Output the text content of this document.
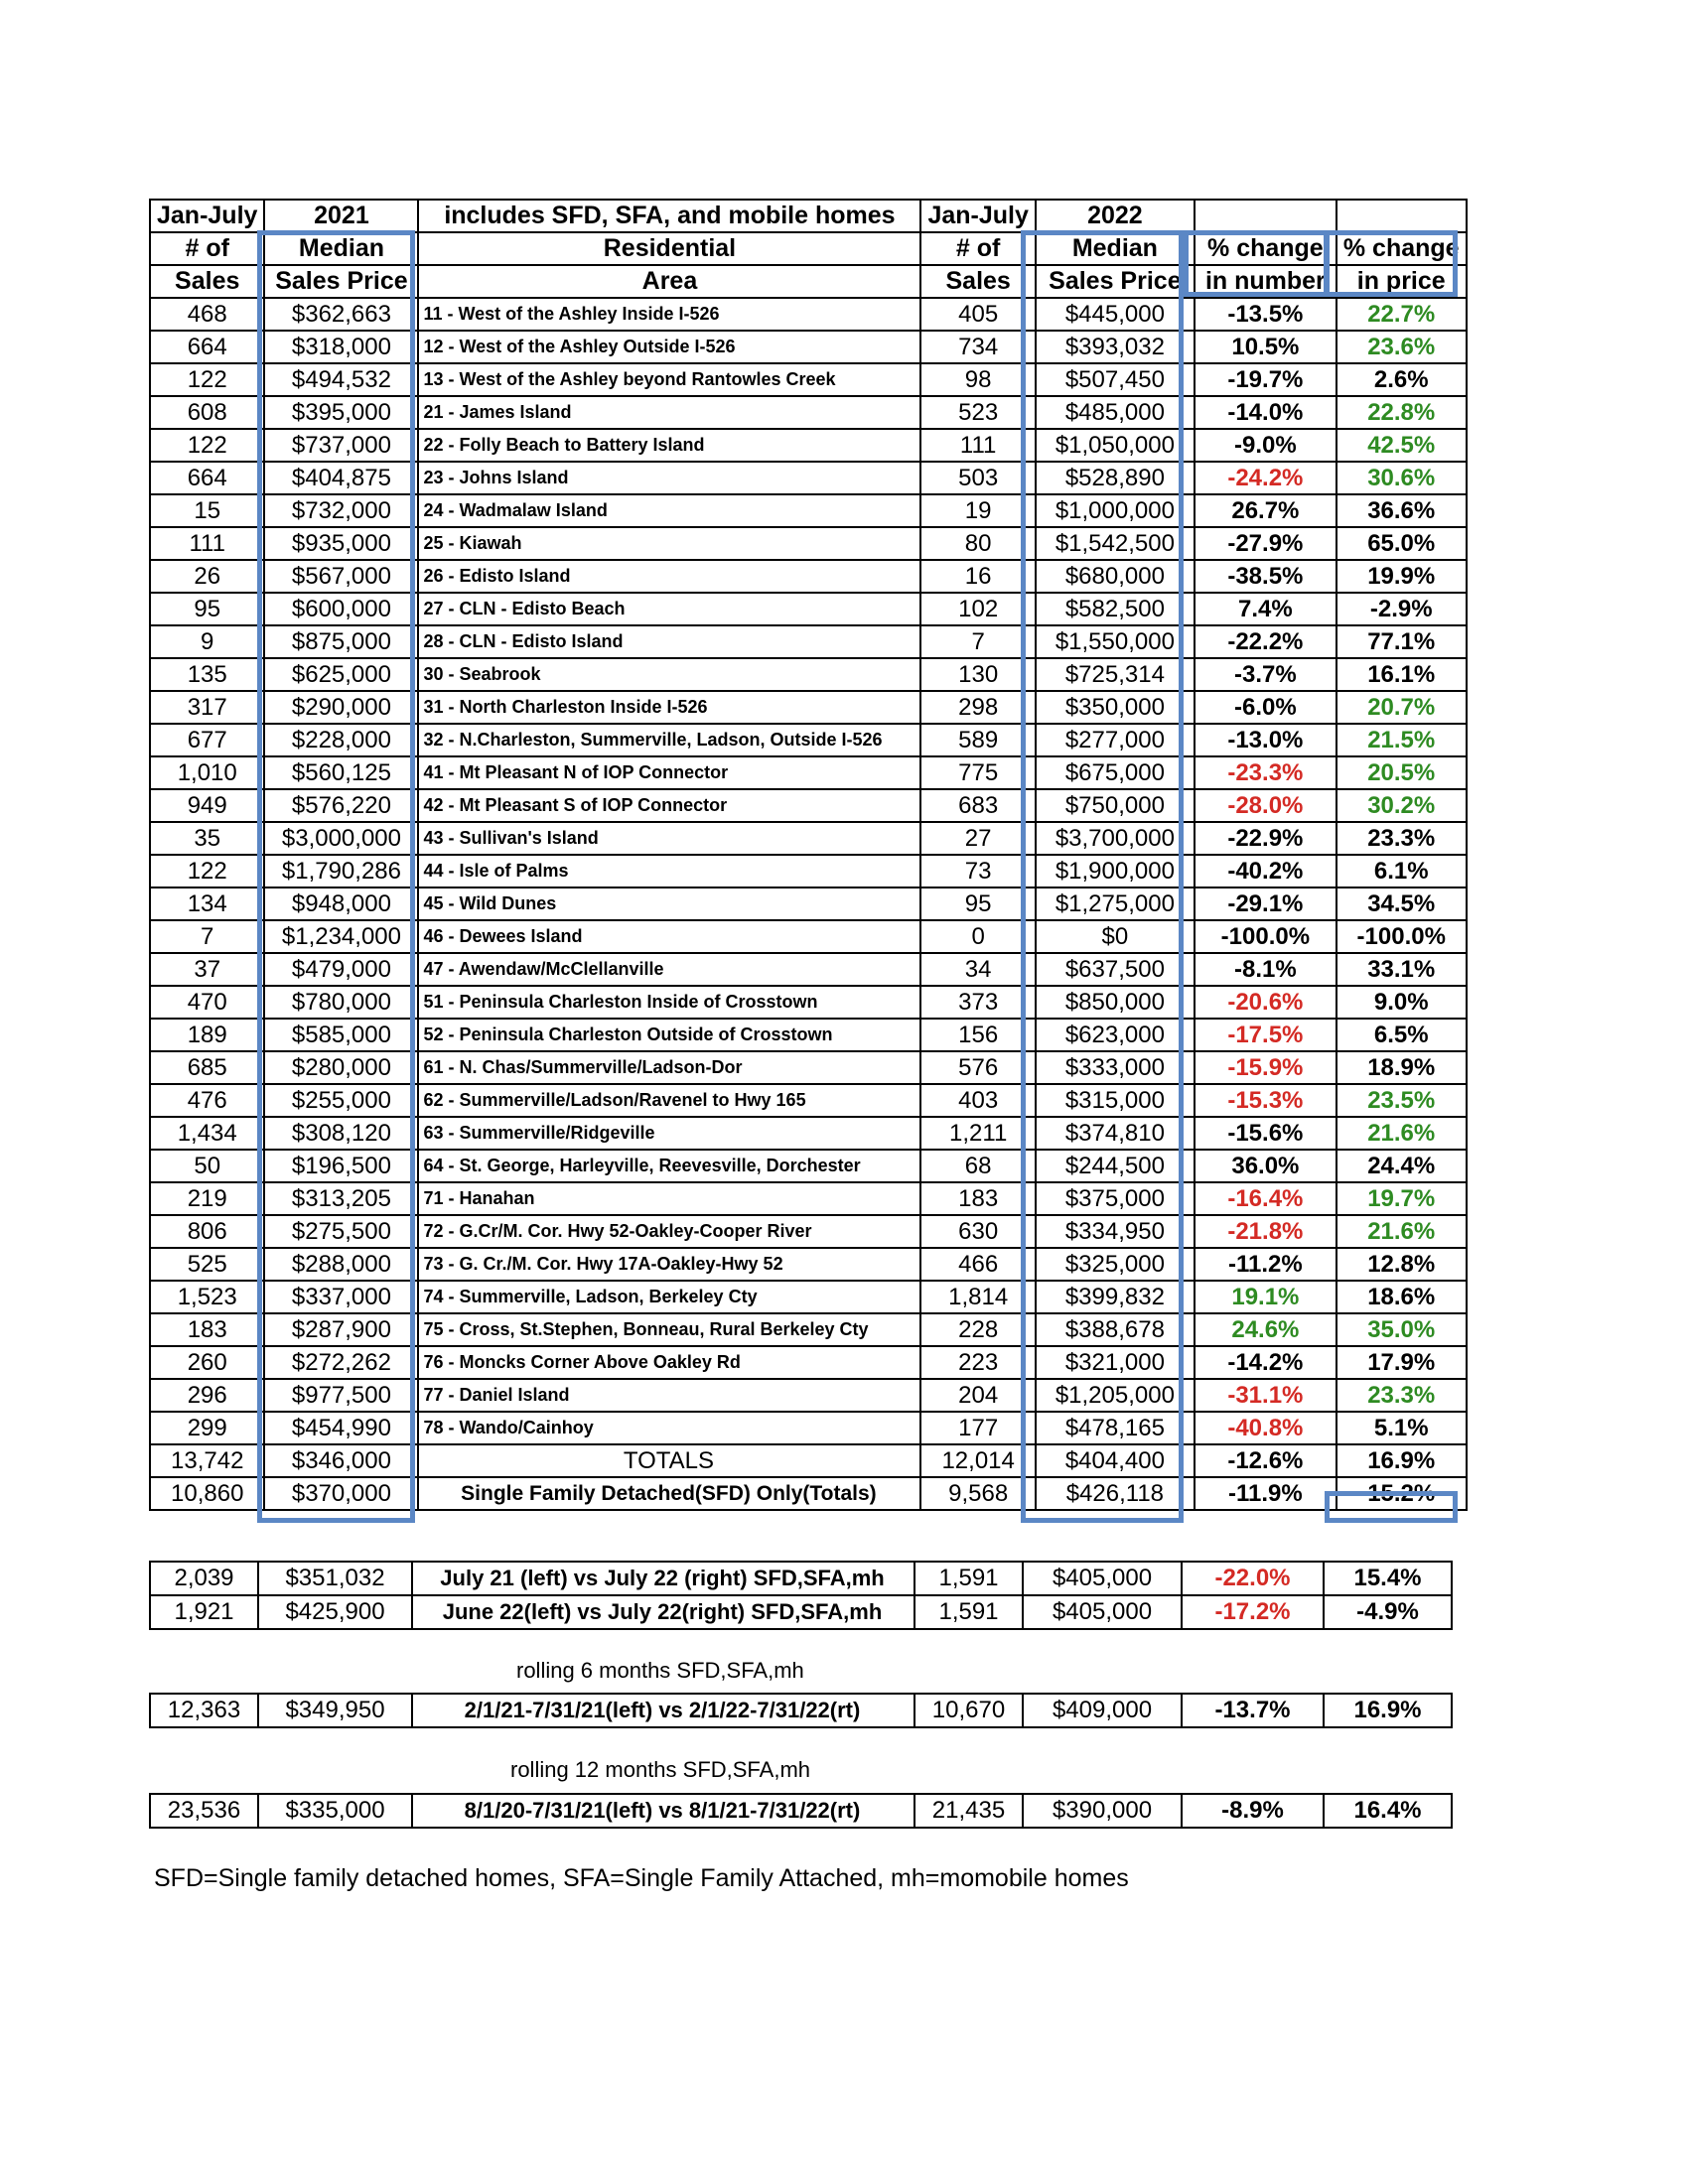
Jan-July	2021	includes SFD, SFA, and mobile homes	Jan-July	2022		
# of	Median	Residential	# of	Median	% change	% change
Sales	Sales Price	Area	Sales	Sales Price	in number	in price
468	$362,663	11 - West of the Ashley Inside I-526	405	$445,000	-13.5%	22.7%
664	$318,000	12 - West of the Ashley Outside I-526	734	$393,032	10.5%	23.6%
122	$494,532	13 - West of the Ashley beyond Rantowles Creek	98	$507,450	-19.7%	2.6%
608	$395,000	21 - James Island	523	$485,000	-14.0%	22.8%
122	$737,000	22 - Folly Beach to Battery Island	111	$1,050,000	-9.0%	42.5%
664	$404,875	23 - Johns Island	503	$528,890	-24.2%	30.6%
15	$732,000	24 - Wadmalaw Island	19	$1,000,000	26.7%	36.6%
111	$935,000	25 - Kiawah	80	$1,542,500	-27.9%	65.0%
26	$567,000	26 - Edisto Island	16	$680,000	-38.5%	19.9%
95	$600,000	27 - CLN - Edisto Beach	102	$582,500	7.4%	-2.9%
9	$875,000	28 - CLN - Edisto Island	7	$1,550,000	-22.2%	77.1%
135	$625,000	30 - Seabrook	130	$725,314	-3.7%	16.1%
317	$290,000	31 - North Charleston Inside I-526	298	$350,000	-6.0%	20.7%
677	$228,000	32 - N.Charleston, Summerville, Ladson, Outside I-526	589	$277,000	-13.0%	21.5%
1,010	$560,125	41 - Mt Pleasant N of IOP Connector	775	$675,000	-23.3%	20.5%
949	$576,220	42 - Mt Pleasant S of IOP Connector	683	$750,000	-28.0%	30.2%
35	$3,000,000	43 - Sullivan's Island	27	$3,700,000	-22.9%	23.3%
122	$1,790,286	44 - Isle of Palms	73	$1,900,000	-40.2%	6.1%
134	$948,000	45 - Wild Dunes	95	$1,275,000	-29.1%	34.5%
7	$1,234,000	46 - Dewees Island	0	$0	-100.0%	-100.0%
37	$479,000	47 - Awendaw/McClellanville	34	$637,500	-8.1%	33.1%
470	$780,000	51 - Peninsula Charleston Inside of Crosstown	373	$850,000	-20.6%	9.0%
189	$585,000	52 - Peninsula Charleston Outside of Crosstown	156	$623,000	-17.5%	6.5%
685	$280,000	61 - N. Chas/Summerville/Ladson-Dor	576	$333,000	-15.9%	18.9%
476	$255,000	62 - Summerville/Ladson/Ravenel to Hwy 165	403	$315,000	-15.3%	23.5%
1,434	$308,120	63 - Summerville/Ridgeville	1,211	$374,810	-15.6%	21.6%
50	$196,500	64 - St. George, Harleyville, Reevesville, Dorchester	68	$244,500	36.0%	24.4%
219	$313,205	71 - Hanahan	183	$375,000	-16.4%	19.7%
806	$275,500	72 - G.Cr/M. Cor. Hwy 52-Oakley-Cooper River	630	$334,950	-21.8%	21.6%
525	$288,000	73 - G. Cr./M. Cor. Hwy 17A-Oakley-Hwy 52	466	$325,000	-11.2%	12.8%
1,523	$337,000	74 - Summerville, Ladson, Berkeley Cty	1,814	$399,832	19.1%	18.6%
183	$287,900	75 - Cross, St.Stephen, Bonneau, Rural Berkeley Cty	228	$388,678	24.6%	35.0%
260	$272,262	76 - Moncks Corner Above Oakley Rd	223	$321,000	-14.2%	17.9%
296	$977,500	77 - Daniel Island	204	$1,205,000	-31.1%	23.3%
299	$454,990	78 - Wando/Cainhoy	177	$478,165	-40.8%	5.1%
13,742	$346,000	TOTALS	12,014	$404,400	-12.6%	16.9%
10,860	$370,000	Single Family Detached(SFD) Only(Totals)	9,568	$426,118	-11.9%	15.2%
2,039	$351,032	July 21 (left) vs July 22 (right) SFD,SFA,mh	1,591	$405,000	-22.0%	15.4%
1,921	$425,900	June 22(left) vs July 22(right) SFD,SFA,mh	1,591	$405,000	-17.2%	-4.9%
rolling 6 months SFD,SFA,mh
12,363	$349,950	2/1/21-7/31/21(left) vs 2/1/22-7/31/22(rt)	10,670	$409,000	-13.7%	16.9%
rolling 12 months SFD,SFA,mh
23,536	$335,000	8/1/20-7/31/21(left) vs 8/1/21-7/31/22(rt)	21,435	$390,000	-8.9%	16.4%
SFD=Single family detached homes, SFA=Single Family Attached, mh=momobile homes
